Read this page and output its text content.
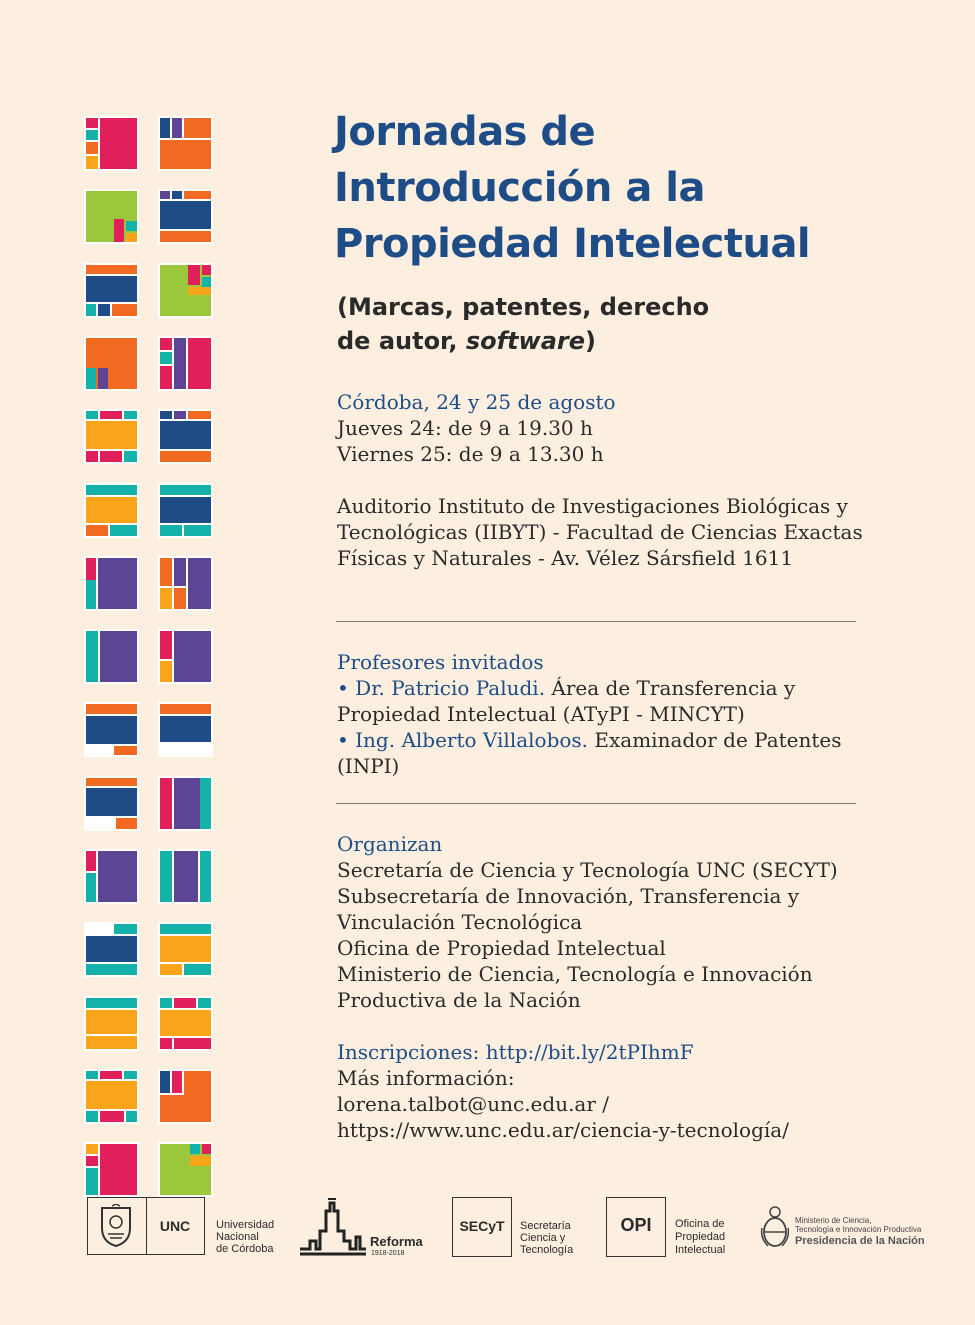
Jornadas de
Introducción a la
Propiedad Intelectual
(Marcas, patentes, derecho
de autor, software)
Córdoba, 24 y 25 de agosto
Jueves 24: de 9 a 19.30 h
Viernes 25: de 9 a 13.30 h
Auditorio Instituto de Investigaciones Biológicas y
Tecnológicas (IIBYT) - Facultad de Ciencias Exactas
Físicas y Naturales - Av. Vélez Sársfield 1611
Profesores invitados
• Dr. Patricio Paludi. Área de Transferencia y
Propiedad Intelectual (ATyPI - MINCYT)
• Ing. Alberto Villalobos. Examinador de Patentes
(INPI)
Organizan
Secretaría de Ciencia y Tecnología UNC (SECYT)
Subsecretaría de Innovación, Transferencia y
Vinculación Tecnológica
Oficina de Propiedad Intelectual
Ministerio de Ciencia, Tecnología e Innovación
Productiva de la Nación
Inscripciones: http://bit.ly/2tPIhmF
Más información:
lorena.talbot@unc.edu.ar /
https://www.unc.edu.ar/ciencia-y-tecnología/
UNC	Universidad
Nacional
de Córdoba	Reforma
1918-2018
SECyT	Secretaría
Ciencia y
Tecnología
OPI	Oficina de
Propiedad
Intelectual
Ministerio de Ciencia,
Tecnología e Innovación Productiva
Presidencia de la Nación
